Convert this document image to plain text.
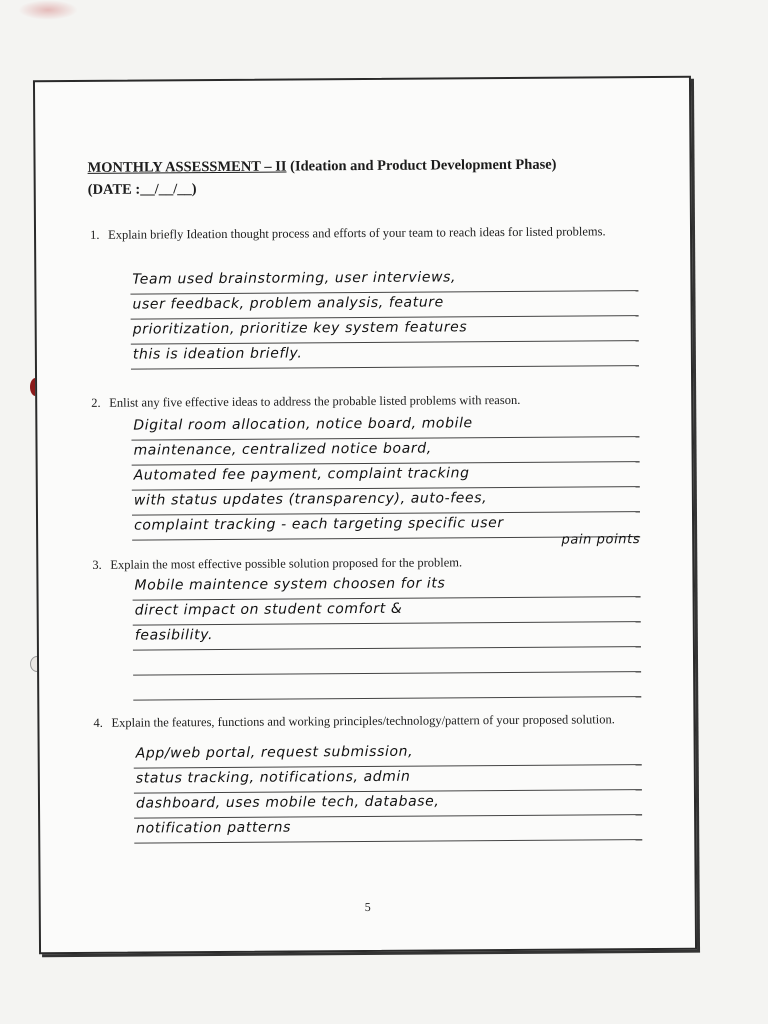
MONTHLY ASSESSMENT – II (Ideation and Product Development Phase)
(DATE :__/__/__)
1. Explain briefly Ideation thought process and efforts of your team to reach ideas for listed problems.
Team used brainstorming, user interviews,
user feedback, problem analysis, feature
prioritization, prioritize key system features
this is ideation briefly.
2. Enlist any five effective ideas to address the probable listed problems with reason.
Digital room allocation, notice board, mobile
maintenance, centralized notice board,
Automated fee payment, complaint tracking
with status updates (transparency), auto-fees,
complaint tracking - each targeting specific user
pain points
3. Explain the most effective possible solution proposed for the problem.
Mobile maintence system choosen for its
direct impact on student comfort &
feasibility.
4. Explain the features, functions and working principles/technology/pattern of your proposed solution.
App/web portal, request submission,
status tracking, notifications, admin
dashboard, uses mobile tech, database,
notification patterns
5
